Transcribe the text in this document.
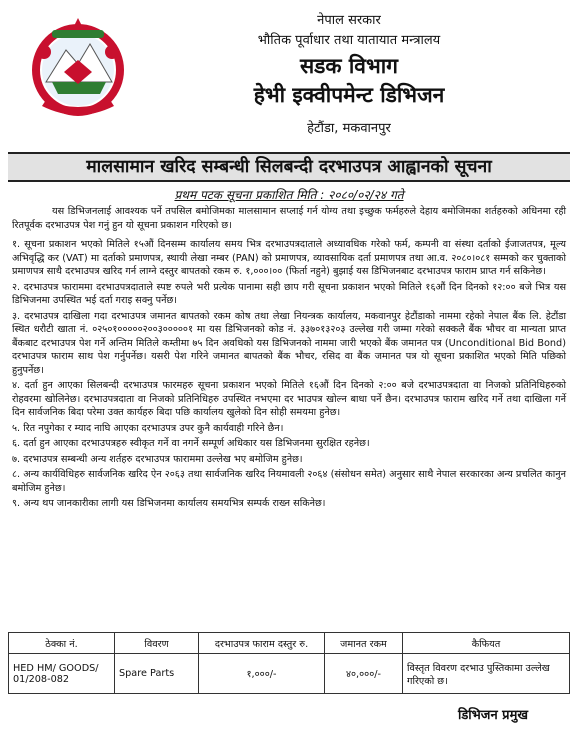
नेपाल सरकार
भौतिक पूर्वाधार तथा यातायात मन्त्रालय
सडक विभाग
हेभी इक्वीपमेन्ट डिभिजन
हेटौंडा, मकवानपुर
मालसामान खरिद सम्बन्धी सिलबन्दी दरभाउपत्र आह्वानको सूचना
प्रथम पटक सूचना प्रकाशित मिति : २०८०/०२/२४ गते

यस डिभिजनलाई आवश्यक पर्ने तपसिल बमोजिमका मालसामान सप्लाई गर्न योग्य तथा इच्छुक फर्महरुले देहाय बमोजिमका शर्तहरुको अधिनमा रही रितपूर्वक दरभाउपत्र पेश गनुं हुन यो सूचना प्रकाशन गरिएको छ।

१. सूचना प्रकाशन भएको मितिले १५औं दिनसम्म कार्यालय समय भित्र दरभाउपत्रदाताले अध्यावधिक गरेको फर्म, कम्पनी वा संस्था दर्ताको ईजाजतपत्र, मूल्य अभिवृद्धि कर (VAT) मा दर्ताको प्रमाणपत्र, स्थायी लेखा नम्बर (PAN) को प्रमाणपत्र, व्यावसायिक दर्ता प्रमाणपत्र तथा आ.व. २०८०।०८१ सम्मको कर चुक्ताको प्रमाणपत्र साथै दरभाउपत्र खरिद गर्न लाग्ने दस्तुर बापतको रकम रु. १,०००।०० (फिर्ता नहुने) बुझाई यस डिभिजनबाट दरभाउपत्र फाराम प्राप्त गर्न सकिनेछ।

२. दरभाउपत्र फाराममा दरभाउपत्रदाताले स्पष्ट रुपले भरी प्रत्येक पानामा सही छाप गरी सूचना प्रकाशन भएको मितिले १६औं दिन दिनको १२:०० बजे भित्र यस डिभिजनमा उपस्थित भई दर्ता गराइ सक्नु पर्नेछ।

३. दरभाउपत्र दाखिला गदा दरभाउपत्र जमानत बापतको रकम कोष तथा लेखा नियन्त्रक कार्यालय, मकवानपुर हेटौंडाको नाममा रहेको नेपाल बैंक लि. हेटौंडा स्थित धरौटी खाता नं. ०२५०१०००००२००३०००००१ मा यस डिभिजनको कोड नं. ३३७०१३२०३ उल्लेख गरी जम्मा गरेको सक्कलै बैंक भौचर वा मान्यता प्राप्त बैंकबाट दरभाउपत्र पेश गर्ने अन्तिम मितिले कम्तीमा ७५ दिन अवधिको यस डिभिजनको नाममा जारी भएको बैंक जमानत पत्र (Unconditional Bid Bond) दरभाउपत्र फाराम साथ पेश गर्नुपर्नेछ। यसरी पेश गरिने जमानत बापतको बैंक भौचर, रसिद वा बैंक जमानत पत्र यो सूचना प्रकाशित भएको मिति पछिको हुनुपर्नेछ।

४. दर्ता हुन आएका सिलबन्दी दरभाउपत्र फारमहरु सूचना प्रकाशन भएको मितिले १६औं दिन दिनको २:०० बजे दरभाउपत्रदाता वा निजको प्रतिनिधिहरुको रोहवरमा खोलिनेछ। दरभाउपत्रदाता वा निजको प्रतिनिधिहरु उपस्थित नभएमा दर भाउपत्र खोल्न बाधा पर्ने छैन। दरभाउपत्र फाराम खरिद गर्ने तथा दाखिला गर्ने दिन सार्वजनिक बिदा परेमा उक्त कार्यहरु बिदा पछि कार्यालय खुलेको दिन सोही समयमा हुनेछ।

५. रित नपुगेका र म्याद नाघि आएका दरभाउपत्र उपर कुनै कार्यवाही गरिने छैन।

६. दर्ता हुन आएका दरभाउपत्रहरु स्वीकृत गर्ने वा नगर्ने सम्पूर्ण अधिकार यस डिभिजनमा सुरक्षित रहनेछ।

७. दरभाउपत्र सम्बन्धी अन्य शर्तहरु दरभाउपत्र फाराममा उल्लेख भए बमोजिम हुनेछ।

८. अन्य कार्यविधिहरु सार्वजनिक खरिद ऐन २०६३ तथा सार्वजनिक खरिद नियमावली २०६४ (संसोधन समेत) अनुसार साथै नेपाल सरकारका अन्य प्रचलित कानुन बमोजिम हुनेछ।

९. अन्य थप जानकारीका लागी यस डिभिजनमा कार्यालय समयभित्र सम्पर्क राख्न सकिनेछ।

ठेक्का नं.	विवरण	दरभाउपत्र फाराम दस्तुर रु.	जमानत रकम	कैफियत
HED HM/ GOODS/ 01/208-082	Spare Parts	१,०००/-	४०,०००/-	विस्तृत विवरण दरभाउ पुस्तिकामा उल्लेख गरिएको छ।
डिभिजन प्रमुख
